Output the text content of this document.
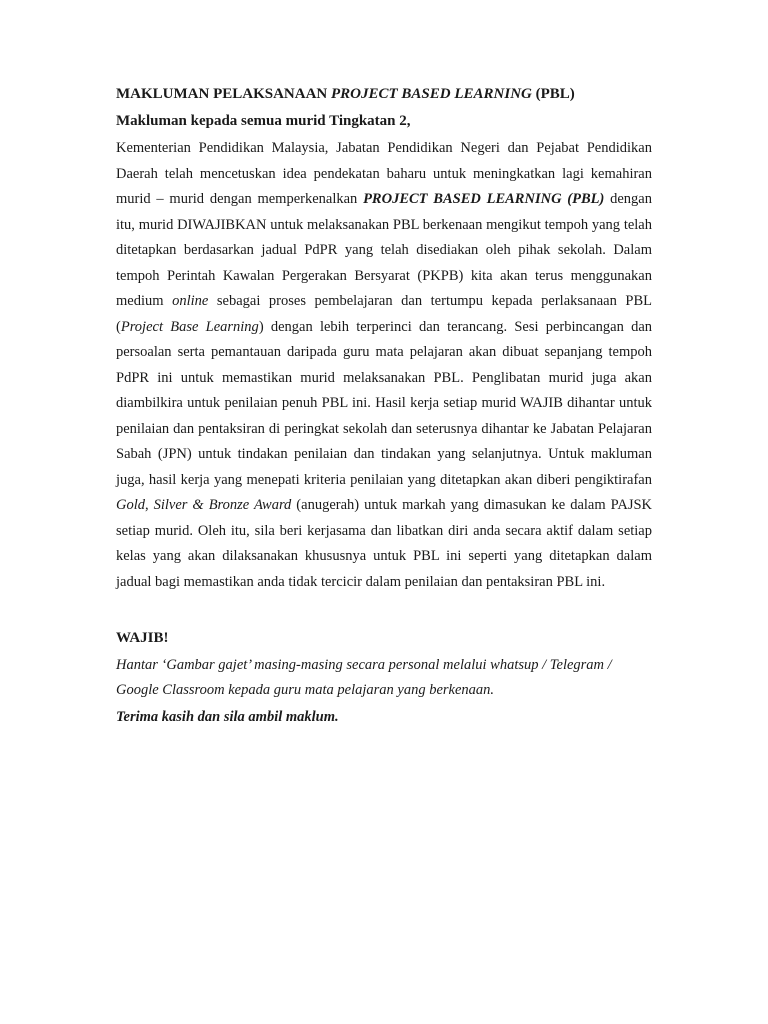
MAKLUMAN PELAKSANAAN PROJECT BASED LEARNING (PBL)
Makluman kepada semua murid Tingkatan 2,

Kementerian Pendidikan Malaysia, Jabatan Pendidikan Negeri dan Pejabat Pendidikan Daerah telah mencetuskan idea pendekatan baharu untuk meningkatkan lagi kemahiran murid – murid dengan memperkenalkan PROJECT BASED LEARNING (PBL) dengan itu, murid DIWAJIBKAN untuk melaksanakan PBL berkenaan mengikut tempoh yang telah ditetapkan berdasarkan jadual PdPR yang telah disediakan oleh pihak sekolah. Dalam tempoh Perintah Kawalan Pergerakan Bersyarat (PKPB) kita akan terus menggunakan medium online sebagai proses pembelajaran dan tertumpu kepada perlaksanaan PBL (Project Base Learning) dengan lebih terperinci dan terancang. Sesi perbincangan dan persoalan serta pemantauan daripada guru mata pelajaran akan dibuat sepanjang tempoh PdPR ini untuk memastikan murid melaksanakan PBL. Penglibatan murid juga akan diambilkira untuk penilaian penuh PBL ini. Hasil kerja setiap murid WAJIB dihantar untuk penilaian dan pentaksiran di peringkat sekolah dan seterusnya dihantar ke Jabatan Pelajaran Sabah (JPN) untuk tindakan penilaian dan tindakan yang selanjutnya. Untuk makluman juga, hasil kerja yang menepati kriteria penilaian yang ditetapkan akan diberi pengiktirafan Gold, Silver & Bronze Award (anugerah) untuk markah yang dimasukan ke dalam PAJSK setiap murid. Oleh itu, sila beri kerjasama dan libatkan diri anda secara aktif dalam setiap kelas yang akan dilaksanakan khususnya untuk PBL ini seperti yang ditetapkan dalam jadual bagi memastikan anda tidak tercicir dalam penilaian dan pentaksiran PBL ini.

WAJIB!

Hantar ‘Gambar gajet’ masing-masing secara personal melalui whatsup / Telegram / Google Classroom kepada guru mata pelajaran yang berkenaan.

Terima kasih dan sila ambil maklum.
